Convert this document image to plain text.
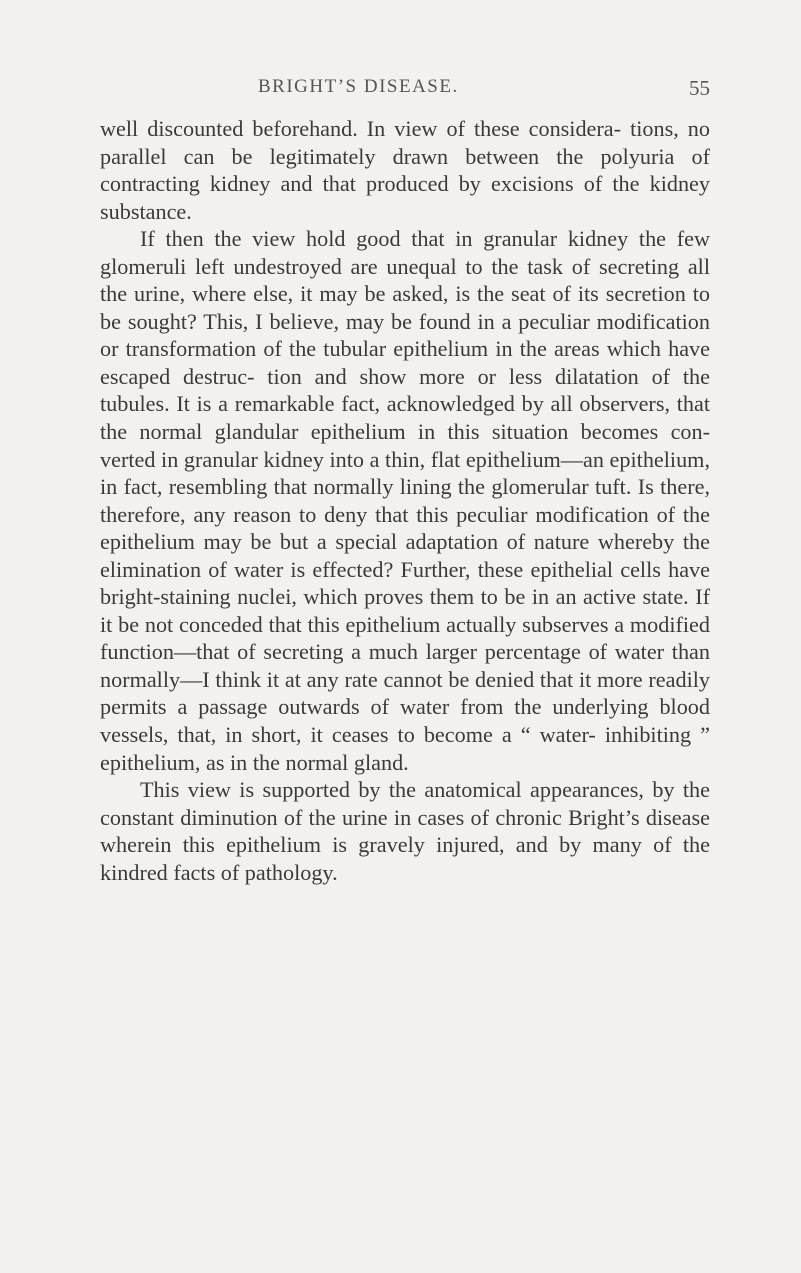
BRIGHT’S DISEASE.	55

well discounted beforehand. In view of these considera- tions, no parallel can be legitimately drawn between the polyuria of contracting kidney and that produced by excisions of the kidney substance.

If then the view hold good that in granular kidney the few glomeruli left undestroyed are unequal to the task of secreting all the urine, where else, it may be asked, is the seat of its secretion to be sought? This, I believe, may be found in a peculiar modification or transformation of the tubular epithelium in the areas which have escaped destruc- tion and show more or less dilatation of the tubules. It is a remarkable fact, acknowledged by all observers, that the normal glandular epithelium in this situation becomes con- verted in granular kidney into a thin, flat epithelium—an epithelium, in fact, resembling that normally lining the glomerular tuft. Is there, therefore, any reason to deny that this peculiar modification of the epithelium may be but a special adaptation of nature whereby the elimination of water is effected? Further, these epithelial cells have bright-staining nuclei, which proves them to be in an active state. If it be not conceded that this epithelium actually subserves a modified function—that of secreting a much larger percentage of water than normally—I think it at any rate cannot be denied that it more readily permits a passage outwards of water from the underlying blood vessels, that, in short, it ceases to become a “ water- inhibiting ” epithelium, as in the normal gland.

This view is supported by the anatomical appearances, by the constant diminution of the urine in cases of chronic Bright’s disease wherein this epithelium is gravely injured, and by many of the kindred facts of pathology.
